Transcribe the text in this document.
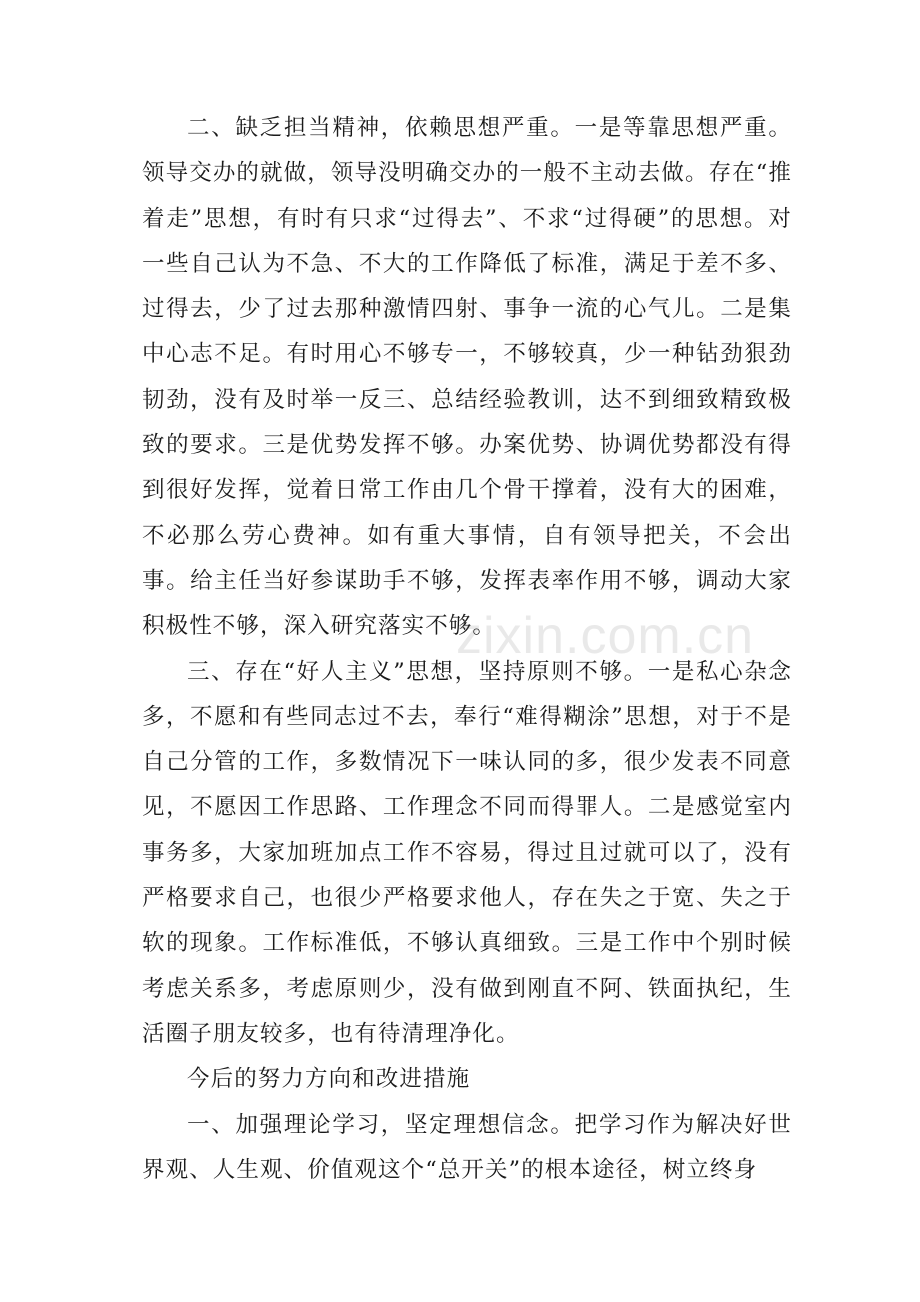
二、缺乏担当精神，依赖思想严重。一是等靠思想严重。领导交办的就做，领导没明确交办的一般不主动去做。存在“推着走”思想，有时有只求“过得去”、不求“过得硬”的思想。对一些自己认为不急、不大的工作降低了标准，满足于差不多、过得去，少了过去那种激情四射、事争一流的心气儿。二是集中心志不足。有时用心不够专一，不够较真，少一种钻劲狠劲韧劲，没有及时举一反三、总结经验教训，达不到细致精致极致的要求。三是优势发挥不够。办案优势、协调优势都没有得到很好发挥，觉着日常工作由几个骨干撑着，没有大的困难，不必那么劳心费神。如有重大事情，自有领导把关，不会出事。给主任当好参谋助手不够，发挥表率作用不够，调动大家积极性不够，深入研究落实不够。

三、存在“好人主义”思想，坚持原则不够。一是私心杂念多，不愿和有些同志过不去，奉行“难得糊涂”思想，对于不是自己分管的工作，多数情况下一味认同的多，很少发表不同意见，不愿因工作思路、工作理念不同而得罪人。二是感觉室内事务多，大家加班加点工作不容易，得过且过就可以了，没有严格要求自己，也很少严格要求他人，存在失之于宽、失之于软的现象。工作标准低，不够认真细致。三是工作中个别时候考虑关系多，考虑原则少，没有做到刚直不阿、铁面执纪，生活圈子朋友较多，也有待清理净化。

今后的努力方向和改进措施

一、加强理论学习，坚定理想信念。把学习作为解决好世界观、人生观、价值观这个“总开关”的根本途径，树立终身

zixin.com.cn
